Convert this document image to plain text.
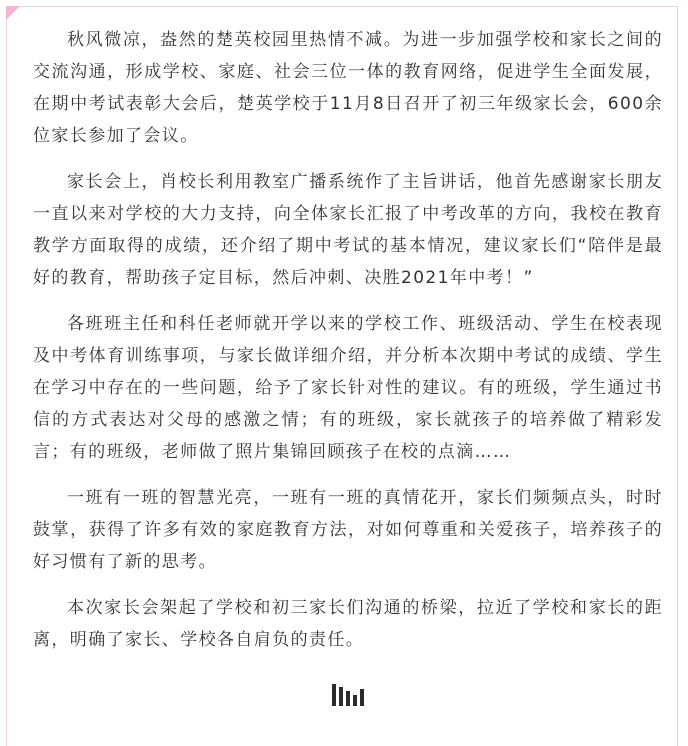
秋风微凉，盎然的楚英校园里热情不减。为进一步加强学校和家长之间的交流沟通，形成学校、家庭、社会三位一体的教育网络，促进学生全面发展，在期中考试表彰大会后，楚英学校于11月8日召开了初三年级家长会，600余位家长参加了会议。

家长会上，肖校长利用教室广播系统作了主旨讲话，他首先感谢家长朋友一直以来对学校的大力支持，向全体家长汇报了中考改革的方向，我校在教育教学方面取得的成绩，还介绍了期中考试的基本情况，建议家长们“陪伴是最好的教育，帮助孩子定目标，然后冲刺、决胜2021年中考！”

各班班主任和科任老师就开学以来的学校工作、班级活动、学生在校表现及中考体育训练事项，与家长做详细介绍，并分析本次期中考试的成绩、学生在学习中存在的一些问题，给予了家长针对性的建议。有的班级，学生通过书信的方式表达对父母的感激之情；有的班级，家长就孩子的培养做了精彩发言；有的班级，老师做了照片集锦回顾孩子在校的点滴……

一班有一班的智慧光亮，一班有一班的真情花开，家长们频频点头，时时鼓掌，获得了许多有效的家庭教育方法，对如何尊重和关爱孩子，培养孩子的好习惯有了新的思考。

本次家长会架起了学校和初三家长们沟通的桥梁，拉近了学校和家长的距离，明确了家长、学校各自肩负的责任。
